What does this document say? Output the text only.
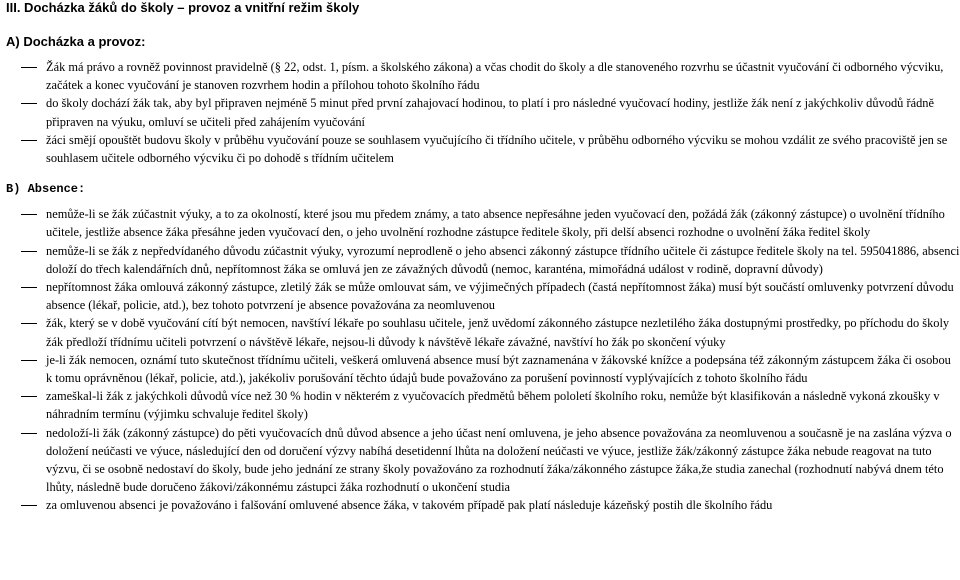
III. Docházka žáků do školy – provoz a vnitřní režim školy
A) Docházka a provoz:
Žák má právo a rovněž povinnost pravidelně (§ 22, odst. 1, písm. a školského zákona) a včas chodit do školy a dle stanoveného rozvrhu se účastnit vyučování či odborného výcviku, začátek a konec vyučování je stanoven rozvrhem hodin a přílohou tohoto školního řádu
do školy dochází žák tak, aby byl připraven nejméně 5 minut před první zahajovací hodinou, to platí i pro následné vyučovací hodiny, jestliže žák není z jakýchkoliv důvodů řádně připraven na výuku, omluví se učiteli před zahájením vyučování
žáci smějí opouštět budovu školy v průběhu vyučování pouze se souhlasem vyučujícího či třídního učitele, v průběhu odborného výcviku se mohou vzdálit ze svého pracoviště jen se souhlasem učitele odborného výcviku či po dohodě s třídním učitelem
B) Absence:
nemůže-li se žák zúčastnit výuky, a to za okolností, které jsou mu předem známy, a tato absence nepřesáhne jeden vyučovací den, požádá žák (zákonný zástupce) o uvolnění třídního učitele, jestliže absence žáka přesáhne jeden vyučovací den, o jeho uvolnění rozhodne zástupce ředitele školy, při delší absenci rozhodne o uvolnění žáka ředitel školy
nemůže-li se žák z nepředvídaného důvodu zúčastnit výuky, vyrozumí neprodleně o jeho absenci zákonný zástupce třídního učitele či zástupce ředitele školy na tel. 595041886, absenci doloží do třech kalendářních dnů, nepřítomnost žáka se omluvá jen ze závažných důvodů (nemoc, karanténa, mimořádná událost v rodině, dopravní důvody)
nepřítomnost žáka omlouvá zákonný zástupce, zletilý žák se může omlouvat sám, ve výjimečných případech (častá nepřítomnost žáka) musí být součástí omluvenky potvrzení důvodu absence (lékař, policie, atd.), bez tohoto potvrzení je absence považována za neomluvenou
žák, který se v době vyučování cítí být nemocen, navštíví lékaře po souhlasu učitele, jenž uvědomí zákonného zástupce nezletilého žáka dostupnými prostředky, po příchodu do školy žák předloží třídnímu učiteli potvrzení o návštěvě lékaře, nejsou-li důvody k návštěvě lékaře závažné, navštíví ho žák po skončení výuky
je-li žák nemocen, oznámí tuto skutečnost třídnímu učiteli, veškerá omluvená absence musí být zaznamenána v žákovské knížce a podepsána též zákonným zástupcem žáka či osobou k tomu oprávněnou (lékař, policie, atd.), jakékoliv porušování těchto údajů bude považováno za porušení povinností vyplývajících z tohoto školního řádu
zameškal-li žák z jakýchkoli důvodů více než 30 % hodin v některém z vyučovacích předmětů během pololetí školního roku, nemůže být klasifikován a následně vykoná zkoušky v náhradním termínu (výjimku schvaluje ředitel školy)
nedoloží-li žák (zákonný zástupce) do pěti vyučovacích dnů důvod absence a jeho účast není omluvena, je jeho absence považována za neomluvenou a současně je na zaslána výzva o doložení neúčasti ve výuce, následující den od doručení výzvy nabíhá desetidenní lhůta na doložení neúčasti ve výuce, jestliže žák/zákonný zástupce žáka nebude reagovat na tuto výzvu, či se osobně nedostaví do školy, bude jeho jednání ze strany školy považováno za rozhodnutí žáka/zákonného zástupce žáka,že studia zanechal (rozhodnutí nabývá dnem této lhůty, následně bude doručeno žákovi/zákonnému zástupci žáka rozhodnutí o ukončení studia
za omluvenou absenci je považováno i falšování omluvené absence žáka, v takovém případě pak platí následuje kázeňský postih dle školního řádu
